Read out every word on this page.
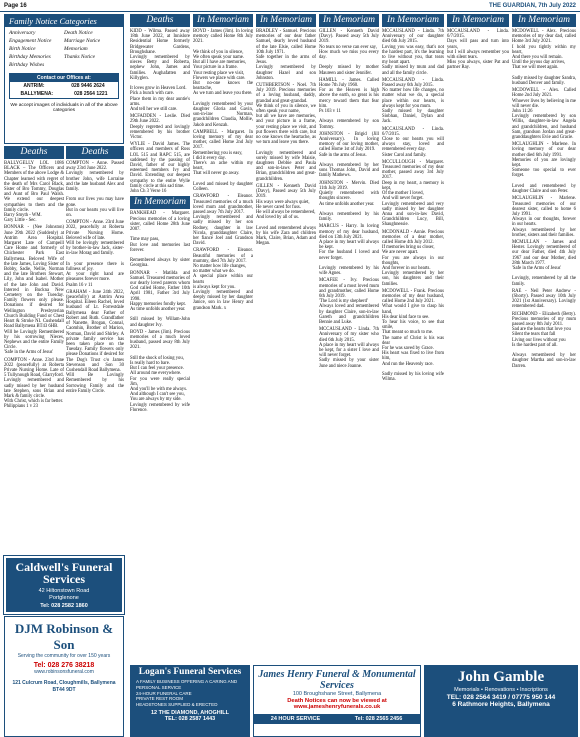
Page 16	THE GUARDIAN, 7th July 2022
Family Notice Categories
Anniversary	Death Notice
Engagement Notice	Marriage Notice
Birth Notice	Memoriam
Birthday Memories	Thanks Notice
Birthday Wishes
Contact our Offices at:
ANTRIM:	028 9446 2624
BALLYMENA:	028 2564 1221
We accept images of individuals in all of the above categories
Deaths
BALLYGELLY LOL 1086 BLACK – The Officers and Members of the above Lodge & Chapter learned with regret of the death of Mrs Carol Black, Sister of Bro Tommy, Douglas and Aunt of Bro Paul Walsh. We extend our deepest sympathies to them and the family circle.
Barry Smyth - WM.
Gary Little - Sec.
BONNAR - (Nee Johnston) June 29th 2022 (Suddenly) at Antrim Area Hospital. Margaret Late of Carnpeill Care Home and formerly of Chichester Park East Ballymena. Beloved Wife of the late James, Loving Sister of Bobby, Sadie, Nellie, Norman and the late Brothers Stewart, Lily, John and Isabel. Mother of the late John and David. Interred in Buckna New Cemetery on the Tuesday. Family flowers only please. Donations if desired for Wellington Presbyterian Church Building Fund or Chest Heart & Stroke NI. Cushendall Road Ballymena BT43 6HB.
Will be Lovingly Remembered by his sorrowing Nieces, Nephews and the entire Family Circle.
'Safe in the Arms of Jesus'
COMPTON - Anne. 23rd June 2022 (peacefully) at Roberta Private Nursing Home. Late of 5 Tullynough Road, Glarryford.
Lovingly remembered and sadly missed by her husband late Stephen, sons Brian and Mark & family circle.
With Christ, which is far better.
Philippians 1 v 23
Deaths
COMPTON - Anne. Passed away 23rd June 2022.
Lovingly remembered by brother John, wife Lorraine and the late husband Alex and family.

From our lives you may have gone.
But in our hearts you will live on.
COMPTON - Anne. 23rd June 2022, peacefully at Roberta Private Nursing Home. Beloved wife of late.
Will be lovingly remembered by brother-in-law Jack, sister-in-law Morag and family.

In your presence there is fullness of joy.
At your right hand are pleasures forever more.
Psalm 16 v 11
GRAHAM - June 24th 2022, (peacefully) at Antrim Area Hospital. Eileen Rachel, loved husband of Lt. Forrestdale Ballymena dear Father of Robert and Ruth. Grandfather of Nanette, Brogan, Connal, Caomhin, Brother of Marion, Norman, David and Shirley. A private family service has been taken place on the Tuesday. Family flowers only please Donations if desired for The Dog's Trust c/o James Stevenson and Son 30 Cushendall Road Ballymena.
Will Be Lovingly Remembered by his Sorrowing Family and the entire Family Circle.
Deaths
KIDD - Wilma. Passed away 18th June 2022, at Innislore Residential Home formerly Bridgewater Gardens, Broughshane.
Lovingly remembered by nieces Betty and Roberta, nephew John, James and families. Aughafatten and Killyglen.

It loves grow in Heaven Lord.
Pick a bunch with care.
Place them in my dear auntie's arms.
And tell her we still care.
MCFADDEN - Leslie. Died 29th June 2022.
Deeply regretted and lovingly remembered by his brother Victor.
WYLIE - David James. The officers and members of Ross LOL 515 and RAPC 515, are saddened by the passing of David, father of our highly esteemed members Ivy and David. Extending our deepest sympathy to the entire Wylie family circle at this sad time.
John Ch 3 Verse 16
In Memoriam
BANKHEAD - Margaret. Precious memories of a loving sister, called Home 28th June 2007.

Time may pass,
But love and memories last forever.

Remembered always by sister Georgina.
BONNAR - Matilda and Samuel. Treasured memories of our dearly loved parents whom God called Home, Father 10th April 1981, Father 3rd July 1998.
Happy memories fondly kept.
As time unfolds another year.

Still missed by Willam-John and daughter Ivy.
BOYD - James (Jim). Precious memories of a much loved husband, passed away 8th July 2021.

Still the shock of losing you,
Is really hard to bare.
But I can feel your presence.
All around me everywhere.
For you were really special Jim,
And you'll be with me always.
And although I can't see you,
You are always by my side.
Lovingly remembered by wife Florence.
In Memoriam
BOYD - James (Jim). In loving memory called Home 8th July 2021.

We think of you in silence,
We often speak your name.
But all I have are memories,
Your picture in a frame.
Your resting place we visit,
Flowers we place with care.
But no-one knows the heartache,
As we turn and leave you there.

Lovingly remembered by your daughter Gloria and Gavin, son-in-law Norman, grandchildren Claudia, Mollie, Jakob and Kenzah.
CAMPBELL - Margaret. In loving memory of my dear mother, called Home 2nd July 2017.
Remembering you is easy,
I did it every day.
There's an ache within my heart,
That will never go away.

Loved and missed by daughter Colleen.
CRAWFORD - Eleanor. Treasured memories of a much loved mum and grandmother, passed away 7th July 2017.
Lovingly remembered and sadly missed by her son Rodney, daughter in law Nicola, granddaughter Claire, her fiancé Joel and Grandson David.
CRAWFORD - Eleanor. Beautiful memories of a mummy, died 7th July 2017.
No matter how life changes,
no matter what we do.
A special place within our hearts
is always kept for you.
Lovingly remembered and deeply missed by her daughter Janice, son in law Henry and grandson Mark. x
In Memoriam
BRADLEY - Samuel. Precious memories of our dear father Samuel, dearly loved husband of the late Elsie, called Home 10th July 1971.
Safe together in the arms of Jesus.
Lovingly remembered by daughter Hazel and son Johnston.
CUTHBERTSON - Noel. 7th July 2019. Precious memories of a loving husband, daddy, grandad and great-grandad.
We think of you in silence, we often speak your name,
but all we have are memories, and your picture in a frame, your resting place we visit, and put flowers there with care, but no one knows the heartache, as we turn and leave you there.

Lovingly remembered and sorely missed by wife Maisie, daughters Debbie and Paula and son-in-laws Peter and Brian, grandchildren and great-grandchildren.
GILLEN - Kenneth David (Davy), Passed away 5th July 2019.
His ways were always quiet,
He never cared for fuss.
He will always be remembered,
And loved by all of us.

Loved and remembered always by his wife Zara and children Mark, Claire, Brian, Adam and Megan.
In Memoriam
GILLEN - Kenneth David (Davy). Passed away 5th July 2019.
No tears no verse can ever say,
How much we miss you every day.

Deeply missed by mother Maureen and sister Jennifer.
HAMILL - James. Called Home 7th July 1960.
For as the Heaven is high above the earth, so great is his mercy toward them that fear him.
Ps 103 v 11

Always remembered by son Tommy.
JOHNSTON - Brigid (Jill Anniversary). In loving memory of our loving mother, called Home 1st of July 2019.
Safe in the arms of Jesus.

Always remembered by her sons Thomas John, David and family Mathews.
JOHNSTON - Mervin. Died 11th July 2019.
Quietly remembered with thoughts sincere.
As time unfolds another year.

Always remembered by his family.
MARCUS - Harry. In loving memory of my dear husband, died on 13th July 2021.
A place in my heart will always be kept.
For the husband I loved and never forget.

Lovingly remembered by his wife Agnes.
MCAFEE - Ivy. Precious memories of a most loved mum and grandmother, called Home 6th July 2019.
'The Lord is my shepherd'
Always loved and remembered by daughter Claire, son-in-law Gareth and grandchildren Bennie and Luke.
MCCAUSLAND - Linda. 7th Anniversary of my sister who died 6th July 2015.
A place in my heart will always be kept, for a sister I love and will never forget.
Sadly missed by your sister June and niece Joanne.
In Memoriam
MCCAUSLAND - Linda. 7th Anniversary of our daughter died 6th July 2015.
Loving you was easy, that's not the hardest part, it's the learning to live without you, that tears my heart apart.
Sadly missed by mum and dad and all the family circle.
MCCAUSLAND - Linda. Passed away 6th July 2015.
No matter how life changes, no matter what we do, a special place within our hearts, is always kept for you mum.
Sadly missed by daughter Siobhan, Daniel, Dylan and Jack.
MCCAUSLAND - Linda. 6/7/2015.
Close to our hearts you will always stay, loved and remembered every day.
Sister Carol and family.
MCCULLOUGH - Margaret. Treasured memories of my dear mother, passed away 3rd July 2017.
Deep in my heart, a memory is kept,
Of the mother I loved,
And will never forget.
Lovingly remembered and very sadly missed by her daughter Anna and son-in-law David, Grandchildren Lucy, Bill, Shaughnessie.
MCDONALD - Annie. Precious memories of a dear mother, called Home 4th July 2012.
If memories bring us closer,
We are never apart.
For you are always in our thoughts,
And forever in our hearts.
Lovingly remembered by her son, his daughters and their families.
MCDOWELL - Frank. Precious memories of my dear husband, called Home 2nd July 2021.
What would I give to clasp his hand,
His dear kind face to see.
To hear his voice, to see that smile,
That meant so much to me.
The name of Christ is his was dear
For he was saved by Grace.
His heart was fixed to live from him,
And run the Heavenly race.

Sadly missed by his loving wife Wilma.
In Memoriam
MCCAUSLAND - Linda. 6/7/2015.
Days will pass and turn into years,
but I will always remember you with silent tears.
Miss you always, sister Pat and partner Ray.
In Memoriam
MCDOWELL - Alex. Precious memories of my dear dad, called Home 3rd July 2021.
I hold you tightly within my heart,
And there you will remain.
Until the joyous day arrives,
That we will meet again.

Sadly missed by daughter Sandra, husband Denver and family.
MCDOWELL - Alex. Called Home 2nd July 2021.
Whoever lives by believing in me will never die.
John 11:26
Lovingly remembered by son Willis, daughter-in-law Angela and grandchildren, and husband Sam, grandson Jordan and great-granddaughters Evie and Gracie.
MCLAUGHLIN - Marlene. In loving memory of our dear mother died 6th July 1991.
Memories of you are lovingly kept.
Someone too special to ever forget.

Loved and remembered by daughter Claire and son Peter.
MCLAUGHLIN - Marlene. Treasured memories of our dearest sister, called to home 6 July 1991.
Always in our thoughts, forever in our hearts.
Always remembered by her brother, sisters and their families.
MCMULLAN - James and Hester. Lovingly remembered of our dear Father, died 4th July 1967 and our dear Mother, died 28th March 1977.
'Safe in the Arms of Jesus'

Lovingly, remembered by all the family.
RAE - Neil Peter Andrew - (Shorty). Passed away 10th July 2021 (1st Anniversary). Lovingly remembered dad.
RICHMOND - Elizabeth (Betty). Precious memories of my mum passed away 8th July 2011.
Sad are the hearts that love you
Silent the tears that fall
Living our lives without you
Is the hardest part of all.

Always remembered by her daughter Martha and son-in-law Darren.
Caldwell's Funeral Services
42 Hiltonstown Road
Portglenone
Tel: 028 2582 1860
DJM Robinson & Son
Serving the community for over 150 years
Tel: 028 276 38218
www.robinsonsfuneral.com
121 Culcrum Road, Cloughmills, Ballymena BT44 9DT
Logan's Funeral Services
A FAMILY BUSINESS OFFERING A CARING AND PERSONAL SERVICE
24-HOUR FUNERAL CARE
PRIVATE REST ROOM
HEADSTONES SUPPLIED & ERECTED
12 THE DIAMOND, AHOGHILL
TEL: 028 2587 1443
James Henry Funeral & Monumental Services
100 Broughshane Street, Ballymena
Death Notices can now be viewed at www.jameshenryfunerals.co.uk
24 HOUR SERVICE	Tel: 028 2565 2456
John Gamble
Memorials • Renovations • Inscriptions
TEL: 028 2564 3419 / 07775 950 144
6 Rathmore Heights, Ballymena
